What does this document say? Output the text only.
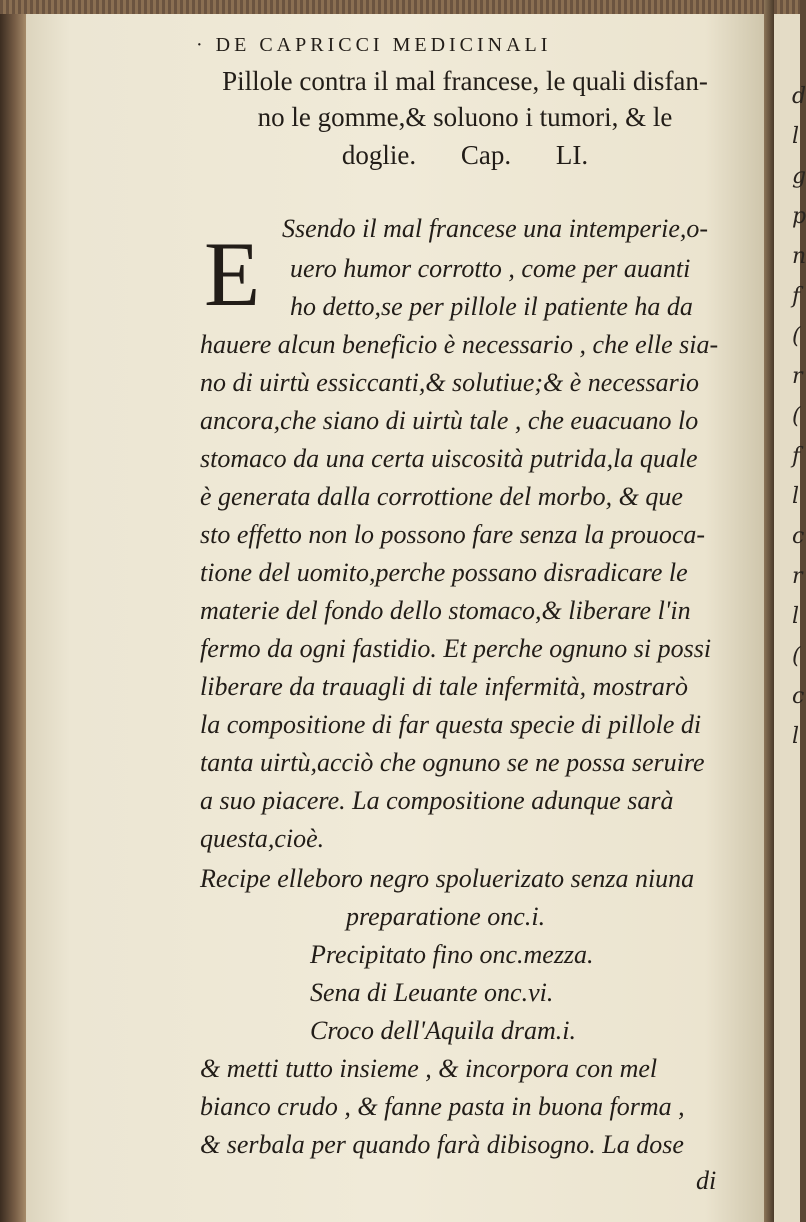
d
l
g
p
n
f
(
r
(
f
l
c
r
l
(
c
l
· DE CAPRICCI MEDICINALI
Pillole contra il mal francese, le quali disfan-
no le gomme,& soluono i tumori, & le
doglie. Cap. LI.
E Ssendo il mal francese una intemperie,o-
uero humor corrotto , come per auanti
ho detto,se per pillole il patiente ha da
hauere alcun beneficio è necessario , che elle sia-
no di uirtù essiccanti,& solutiue;& è necessario
ancora,che siano di uirtù tale , che euacuano lo
stomaco da una certa uiscosità putrida,la quale
è generata dalla corrottione del morbo, & que
sto effetto non lo possono fare senza la prouoca-
tione del uomito,perche possano disradicare le
materie del fondo dello stomaco,& liberare l'in
fermo da ogni fastidio. Et perche ognuno si possi
liberare da trauagli di tale infermità, mostrarò
la compositione di far questa specie di pillole di
tanta uirtù,acciò che ognuno se ne possa seruire
a suo piacere. La compositione adunque sarà
questa,cioè.
Recipe elleboro negro spoluerizato senza niuna
preparatione onc.i.
Precipitato fino onc.mezza.
Sena di Leuante onc.vi.
Croco dell'Aquila dram.i.
& metti tutto insieme , & incorpora con mel
bianco crudo , & fanne pasta in buona forma ,
& serbala per quando farà dibisogno. La dose
di
